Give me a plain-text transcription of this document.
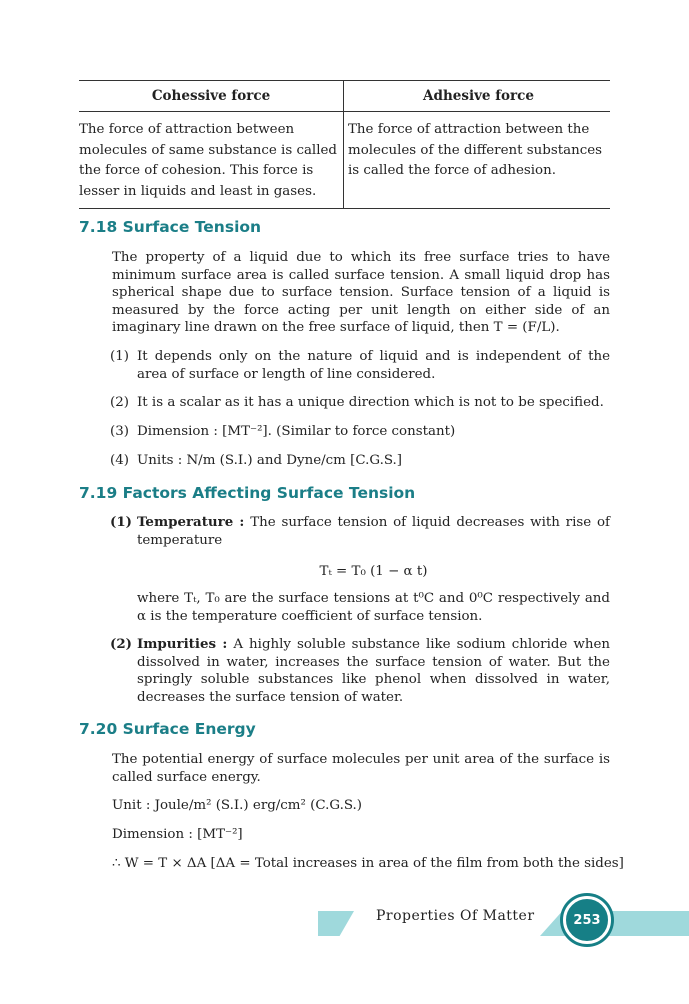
Cohessive force	Adhesive force
The force of attraction between molecules of same substance is called the force of cohesion. This force is lesser in liquids and least in gases.	The force of attraction between the molecules of the different substances is called the force of adhesion.
7.18 Surface Tension
The property of a liquid due to which its free surface tries to have minimum surface area is called surface tension. A small liquid drop has spherical shape due to surface tension. Surface tension of a liquid is measured by the force acting per unit length on either side of an imaginary line drawn on the free surface of liquid, then T = (F/L).
(1) It depends only on the nature of liquid and is independent of the area of surface or length of line considered.
(2) It is a scalar as it has a unique direction which is not to be specified.
(3) Dimension : [MT⁻²]. (Similar to force constant)
(4) Units : N/m (S.I.) and Dyne/cm [C.G.S.]
7.19 Factors Affecting Surface Tension
(1) Temperature : The surface tension of liquid decreases with rise of temperature
Tₜ = T₀ (1 − α t)
where Tₜ, T₀ are the surface tensions at t⁰C and 0⁰C respectively and α is the temperature coefficient of surface tension.
(2) Impurities : A highly soluble substance like sodium chloride when dissolved in water, increases the surface tension of water. But the springly soluble substances like phenol when dissolved in water, decreases the surface tension of water.
7.20 Surface Energy
The potential energy of surface molecules per unit area of the surface is called surface energy.
Unit : Joule/m² (S.I.) erg/cm² (C.G.S.)
Dimension : [MT⁻²]
∴ W = T × ΔA [ΔA = Total increases in area of the film from both the sides]
Properties Of Matter	253
